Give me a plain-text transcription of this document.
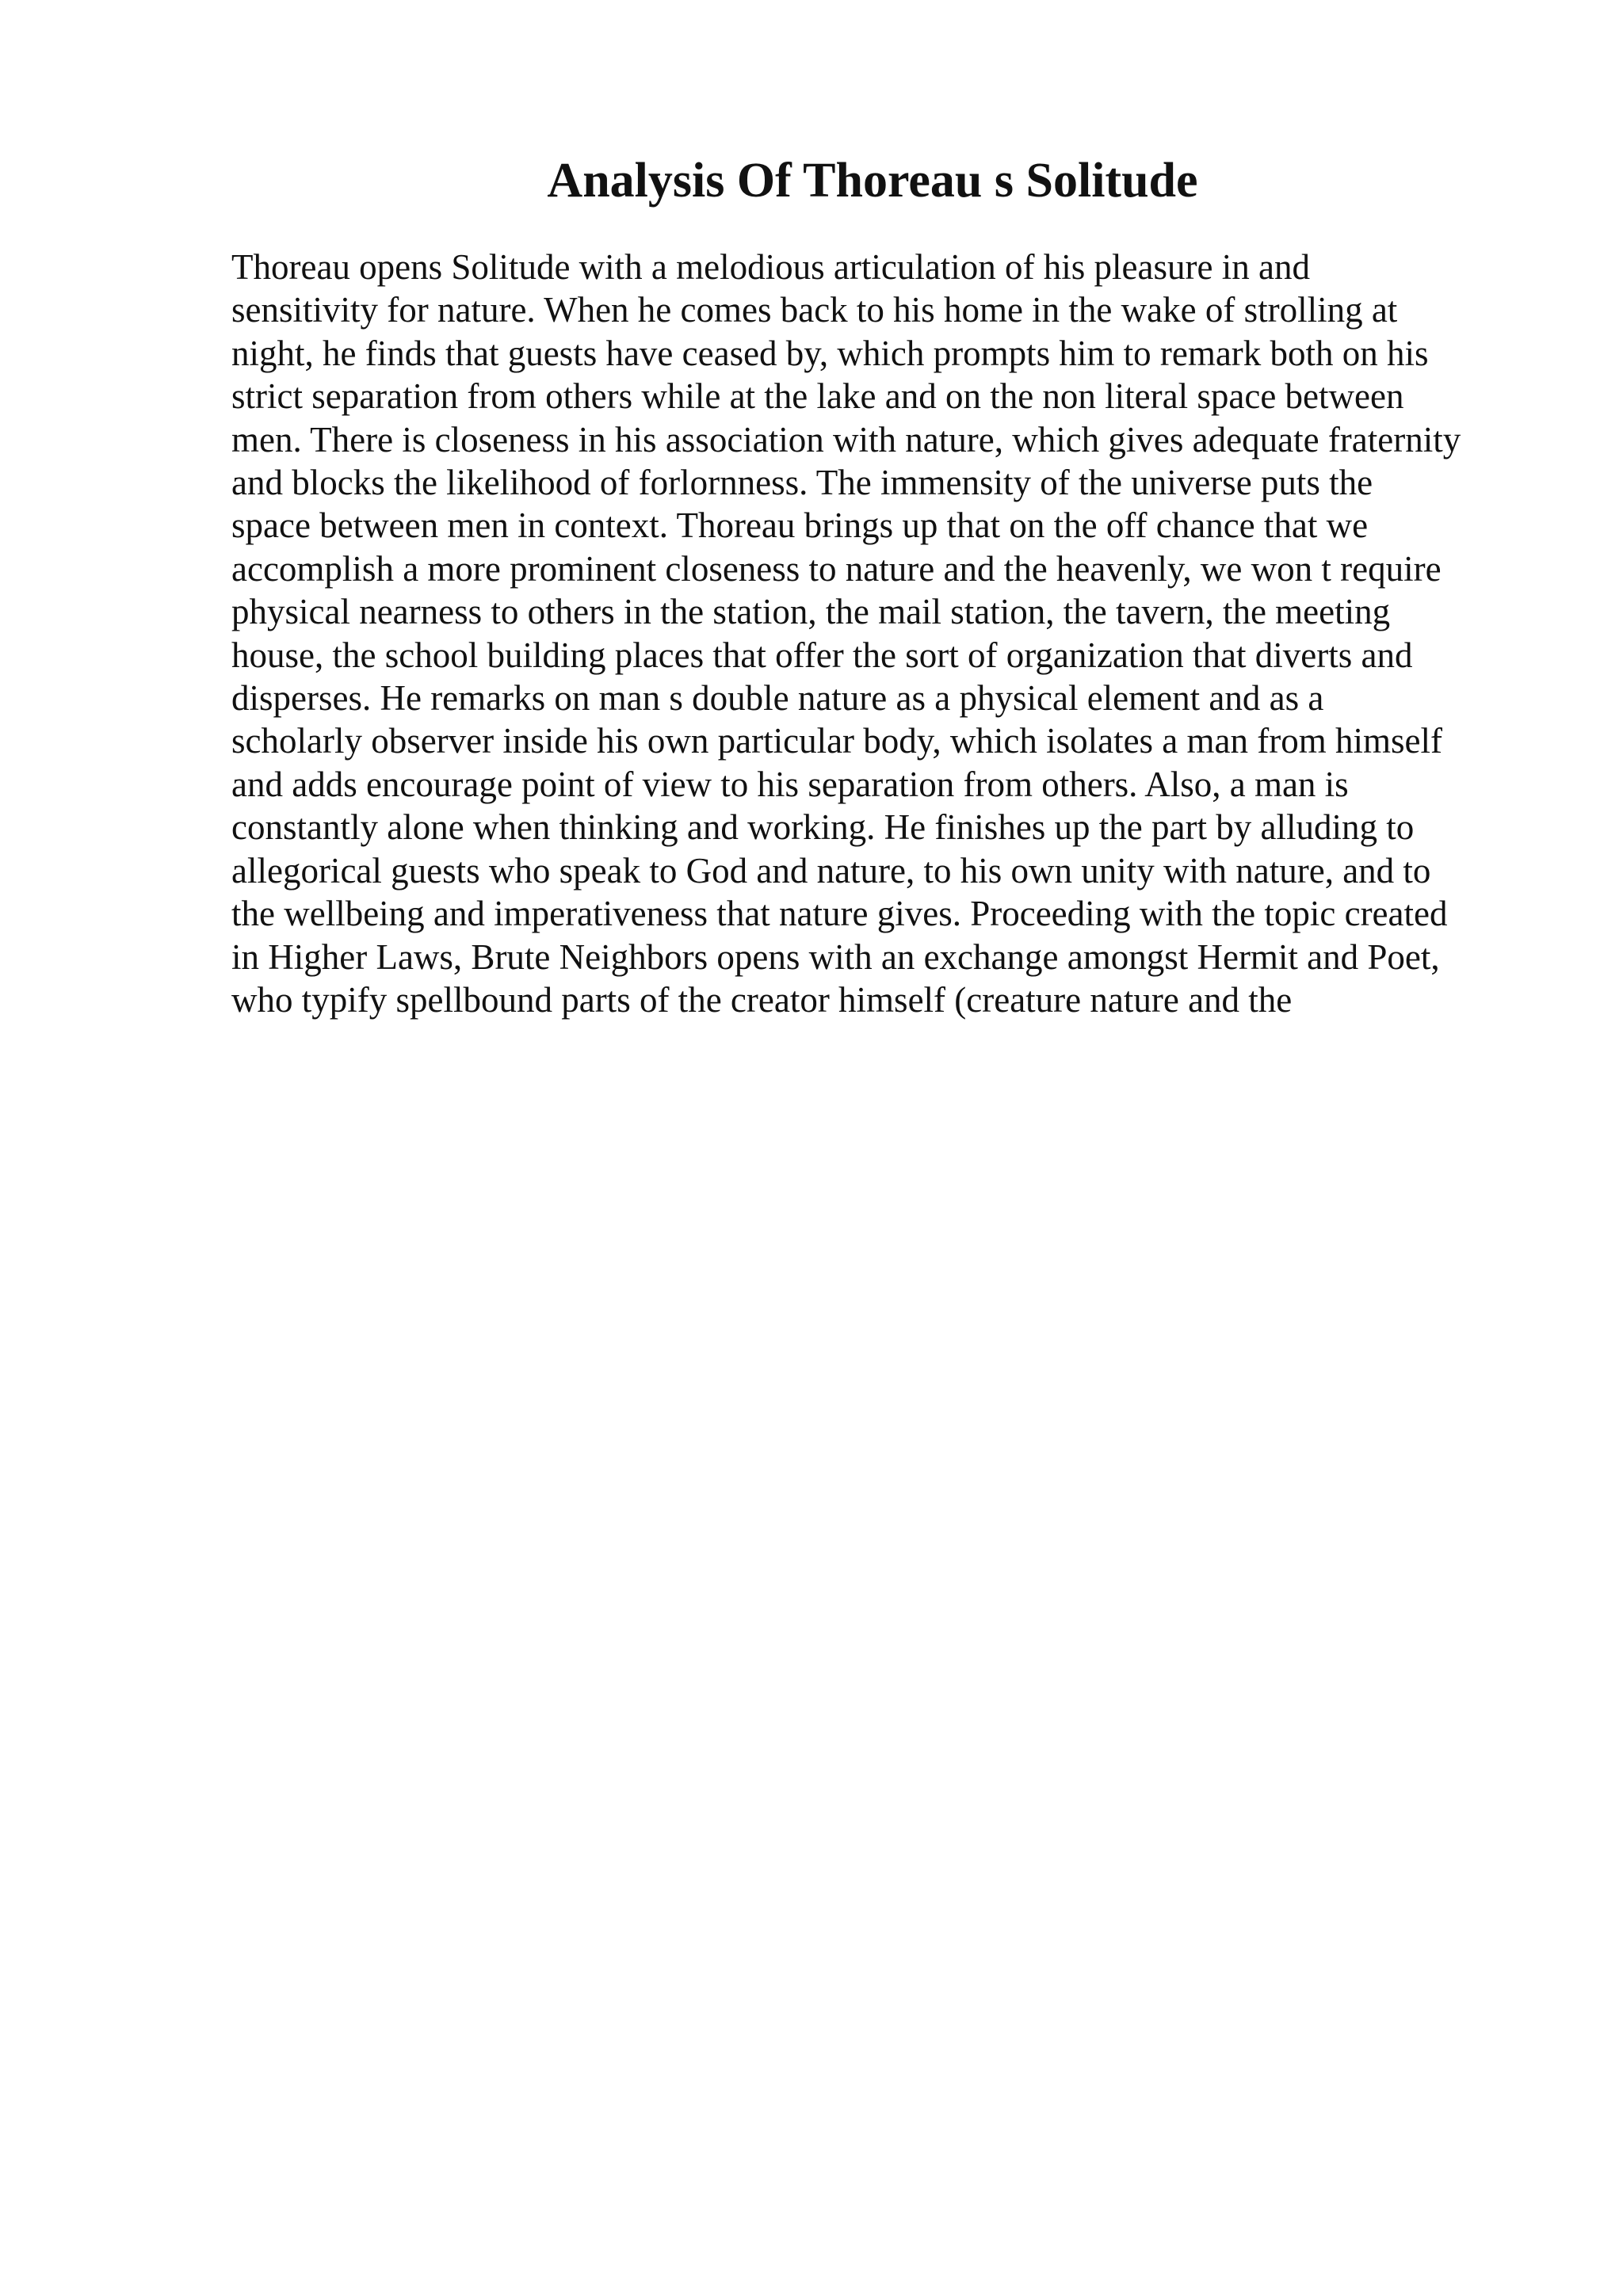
Analysis Of Thoreau s Solitude
Thoreau opens Solitude with a melodious articulation of his pleasure in and
sensitivity for nature. When he comes back to his home in the wake of strolling at
night, he finds that guests have ceased by, which prompts him to remark both on his
strict separation from others while at the lake and on the non literal space between
men. There is closeness in his association with nature, which gives adequate fraternity
and blocks the likelihood of forlornness. The immensity of the universe puts the
space between men in context. Thoreau brings up that on the off chance that we
accomplish a more prominent closeness to nature and the heavenly, we won t require
physical nearness to others in the station, the mail station, the tavern, the meeting
house, the school building places that offer the sort of organization that diverts and
disperses. He remarks on man s double nature as a physical element and as a
scholarly observer inside his own particular body, which isolates a man from himself
and adds encourage point of view to his separation from others. Also, a man is
constantly alone when thinking and working. He finishes up the part by alluding to
allegorical guests who speak to God and nature, to his own unity with nature, and to
the wellbeing and imperativeness that nature gives. Proceeding with the topic created
in Higher Laws, Brute Neighbors opens with an exchange amongst Hermit and Poet,
who typify spellbound parts of the creator himself (creature nature and the
